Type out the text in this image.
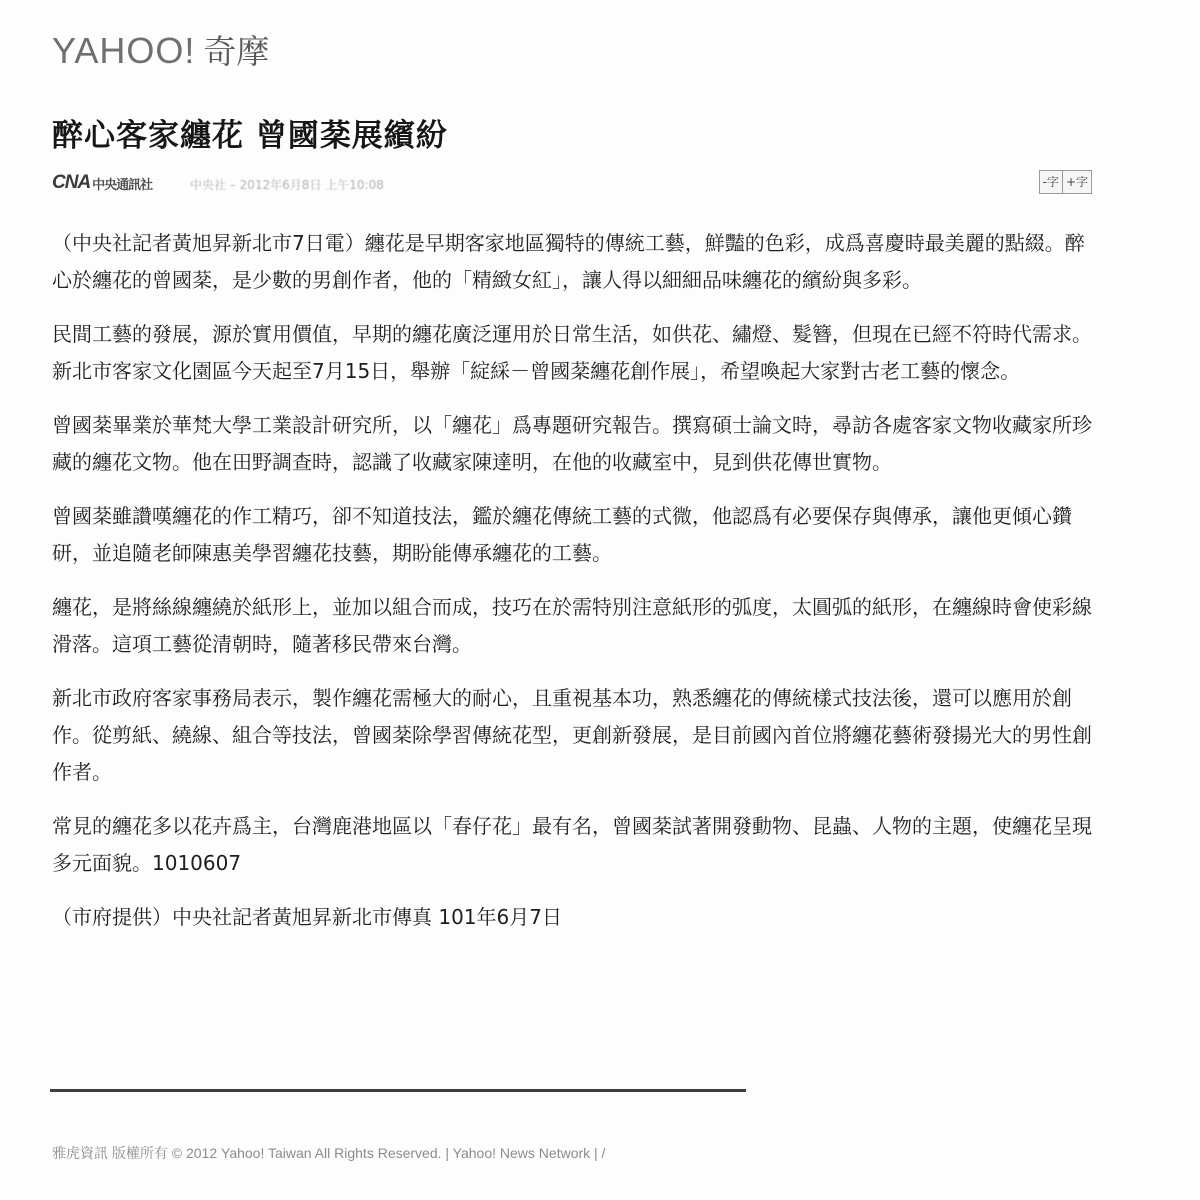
YAHOO! 奇摩
醉心客家纏花 曾國棻展繽紛
CNA 中央通訊社	中央社 – 2012年6月8日 上午10:08	-字 +字

（中央社記者黃旭昇新北市7日電）纏花是早期客家地區獨特的傳統工藝，鮮豔的色彩，成爲喜慶時最美麗的點綴。醉心於纏花的曾國棻，是少數的男創作者，他的「精緻女紅」，讓人得以細細品味纏花的繽紛與多彩。

民間工藝的發展，源於實用價值，早期的纏花廣泛運用於日常生活，如供花、繡燈、髮簪，但現在已經不符時代需求。新北市客家文化園區今天起至7月15日，舉辦「綻綵－曾國棻纏花創作展」，希望喚起大家對古老工藝的懷念。

曾國棻畢業於華梵大學工業設計研究所，以「纏花」爲專題研究報告。撰寫碩士論文時，尋訪各處客家文物收藏家所珍藏的纏花文物。他在田野調查時，認識了收藏家陳達明，在他的收藏室中，見到供花傳世實物。

曾國棻雖讚嘆纏花的作工精巧，卻不知道技法，鑑於纏花傳統工藝的式微，他認爲有必要保存與傳承，讓他更傾心鑽研，並追隨老師陳惠美學習纏花技藝，期盼能傳承纏花的工藝。

纏花，是將絲線纏繞於紙形上，並加以組合而成，技巧在於需特別注意紙形的弧度，太圓弧的紙形，在纏線時會使彩線滑落。這項工藝從清朝時，隨著移民帶來台灣。

新北市政府客家事務局表示，製作纏花需極大的耐心，且重視基本功，熟悉纏花的傳統樣式技法後，還可以應用於創作。從剪紙、繞線、組合等技法，曾國棻除學習傳統花型，更創新發展，是目前國內首位將纏花藝術發揚光大的男性創作者。

常見的纏花多以花卉爲主，台灣鹿港地區以「春仔花」最有名，曾國棻試著開發動物、昆蟲、人物的主題，使纏花呈現多元面貌。1010607

（市府提供）中央社記者黃旭昇新北市傳真 101年6月7日

雅虎資訊 版權所有 © 2012 Yahoo! Taiwan All Rights Reserved. | Yahoo! News Network | /
